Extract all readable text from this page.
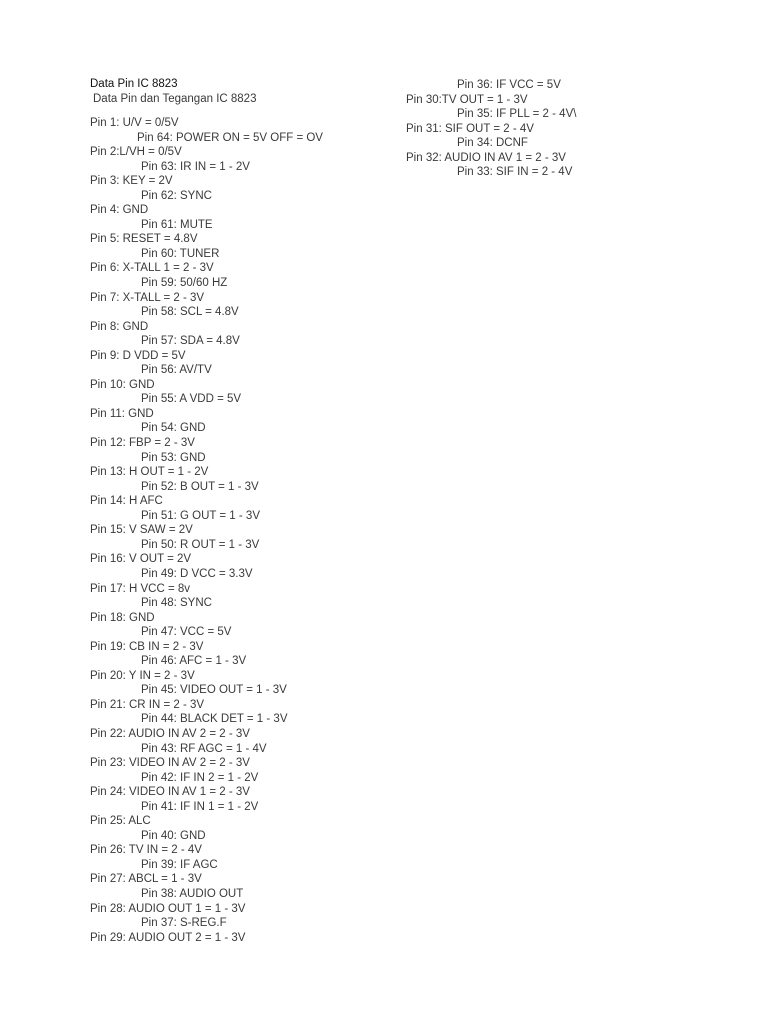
Data Pin IC 8823
Data Pin dan Tegangan IC 8823
Pin 1: U/V = 0/5V
Pin 64: POWER ON = 5V OFF = OV
Pin 2:L/VH = 0/5V
Pin 63: IR IN = 1 - 2V
Pin 3: KEY = 2V
Pin 62: SYNC
Pin 4: GND
Pin 61: MUTE
Pin 5: RESET = 4.8V
Pin 60: TUNER
Pin 6: X-TALL 1 = 2 - 3V
Pin 59: 50/60 HZ
Pin 7: X-TALL = 2 - 3V
Pin 58: SCL = 4.8V
Pin 8: GND
Pin 57: SDA = 4.8V
Pin 9: D VDD = 5V
Pin 56: AV/TV
Pin 10: GND
Pin 55: A VDD = 5V
Pin 11: GND
Pin 54: GND
Pin 12: FBP = 2 - 3V
Pin 53: GND
Pin 13: H OUT = 1 - 2V
Pin 52: B OUT = 1 - 3V
Pin 14: H AFC
Pin 51: G OUT = 1 - 3V
Pin 15: V SAW = 2V
Pin 50: R OUT = 1 - 3V
Pin 16: V OUT = 2V
Pin 49: D VCC = 3.3V
Pin 17: H VCC = 8v
Pin 48: SYNC
Pin 18: GND
Pin 47: VCC = 5V
Pin 19: CB IN = 2 - 3V
Pin 46: AFC = 1 - 3V
Pin 20: Y IN = 2 - 3V
Pin 45: VIDEO OUT = 1 - 3V
Pin 21: CR IN = 2 - 3V
Pin 44: BLACK DET = 1 - 3V
Pin 22: AUDIO IN AV 2 = 2 - 3V
Pin 43: RF AGC = 1 - 4V
Pin 23: VIDEO IN AV 2 = 2 - 3V
Pin 42: IF IN 2 = 1 - 2V
Pin 24: VIDEO IN AV 1 = 2 - 3V
Pin 41: IF IN 1 = 1 - 2V
Pin 25: ALC
Pin 40: GND
Pin 26: TV IN = 2 - 4V
Pin 39: IF AGC
Pin 27: ABCL = 1 - 3V
Pin 38: AUDIO OUT
Pin 28: AUDIO OUT 1 = 1 - 3V
Pin 37: S-REG.F
Pin 29: AUDIO OUT 2 = 1 - 3V
Pin 36: IF VCC = 5V
Pin 30:TV OUT = 1 - 3V
Pin 35: IF PLL = 2 - 4V\
Pin 31: SIF OUT = 2 - 4V
Pin 34: DCNF
Pin 32: AUDIO IN AV 1 = 2 - 3V
Pin 33: SIF IN = 2 - 4V
